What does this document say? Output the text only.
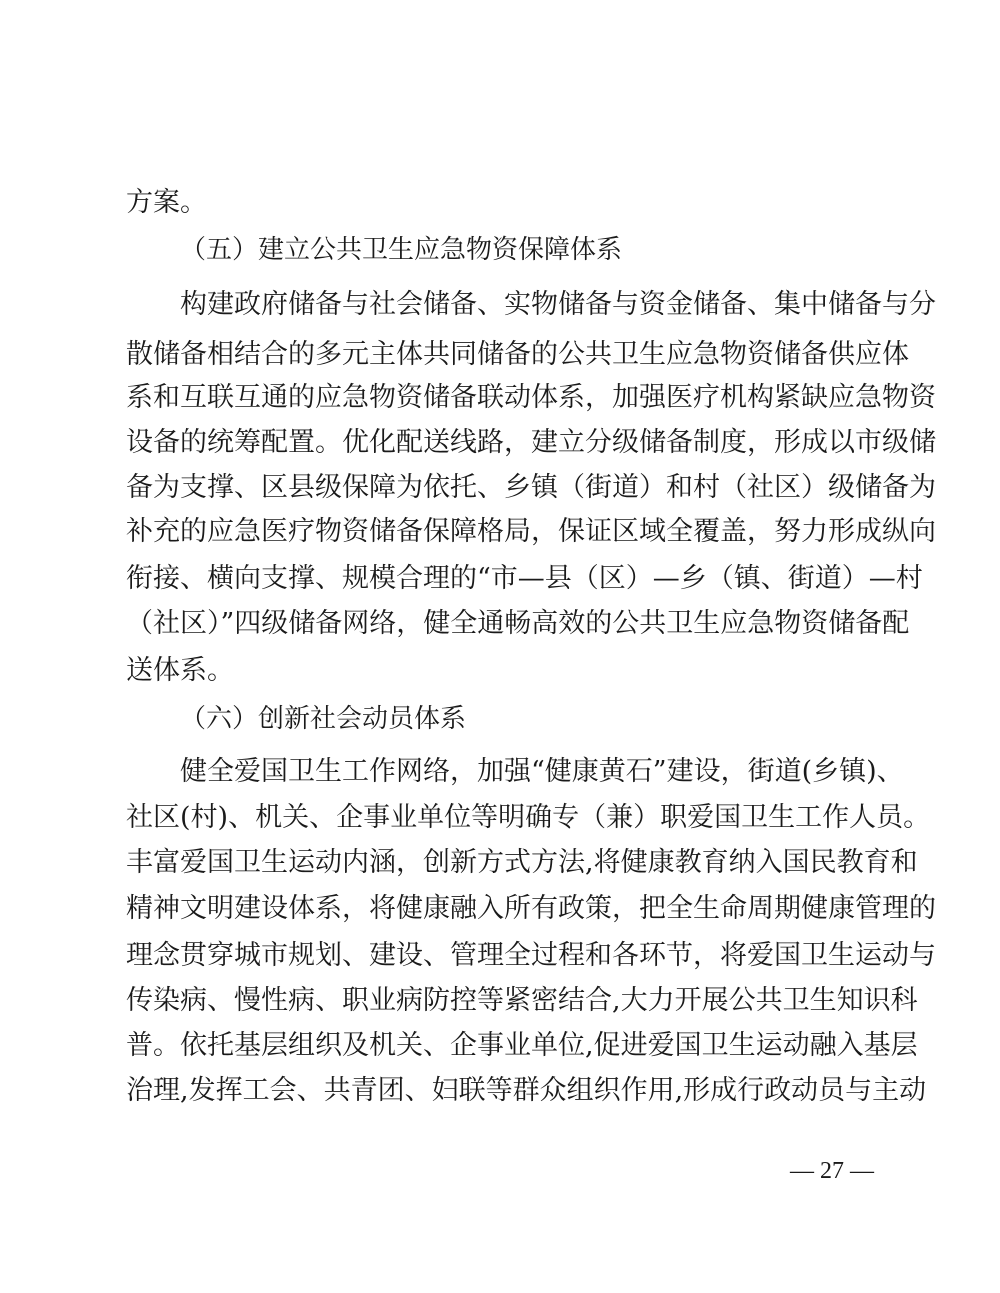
方案。
（五）建立公共卫生应急物资保障体系
构建政府储备与社会储备、实物储备与资金储备、集中储备与分
散储备相结合的多元主体共同储备的公共卫生应急物资储备供应体
系和互联互通的应急物资储备联动体系，加强医疗机构紧缺应急物资
设备的统筹配置。优化配送线路，建立分级储备制度，形成以市级储
备为支撑、区县级保障为依托、乡镇（街道）和村（社区）级储备为
补充的应急医疗物资储备保障格局，保证区域全覆盖，努力形成纵向
衔接、横向支撑、规模合理的“市—县（区）—乡（镇、街道）—村
（社区）”四级储备网络，健全通畅高效的公共卫生应急物资储备配
送体系。
（六）创新社会动员体系
健全爱国卫生工作网络，加强“健康黄石”建设，街道(乡镇)、
社区(村)、机关、企事业单位等明确专（兼）职爱国卫生工作人员。
丰富爱国卫生运动内涵，创新方式方法,将健康教育纳入国民教育和
精神文明建设体系，将健康融入所有政策，把全生命周期健康管理的
理念贯穿城市规划、建设、管理全过程和各环节，将爱国卫生运动与
传染病、慢性病、职业病防控等紧密结合,大力开展公共卫生知识科
普。依托基层组织及机关、企事业单位,促进爱国卫生运动融入基层
治理,发挥工会、共青团、妇联等群众组织作用,形成行政动员与主动
— 27 —
